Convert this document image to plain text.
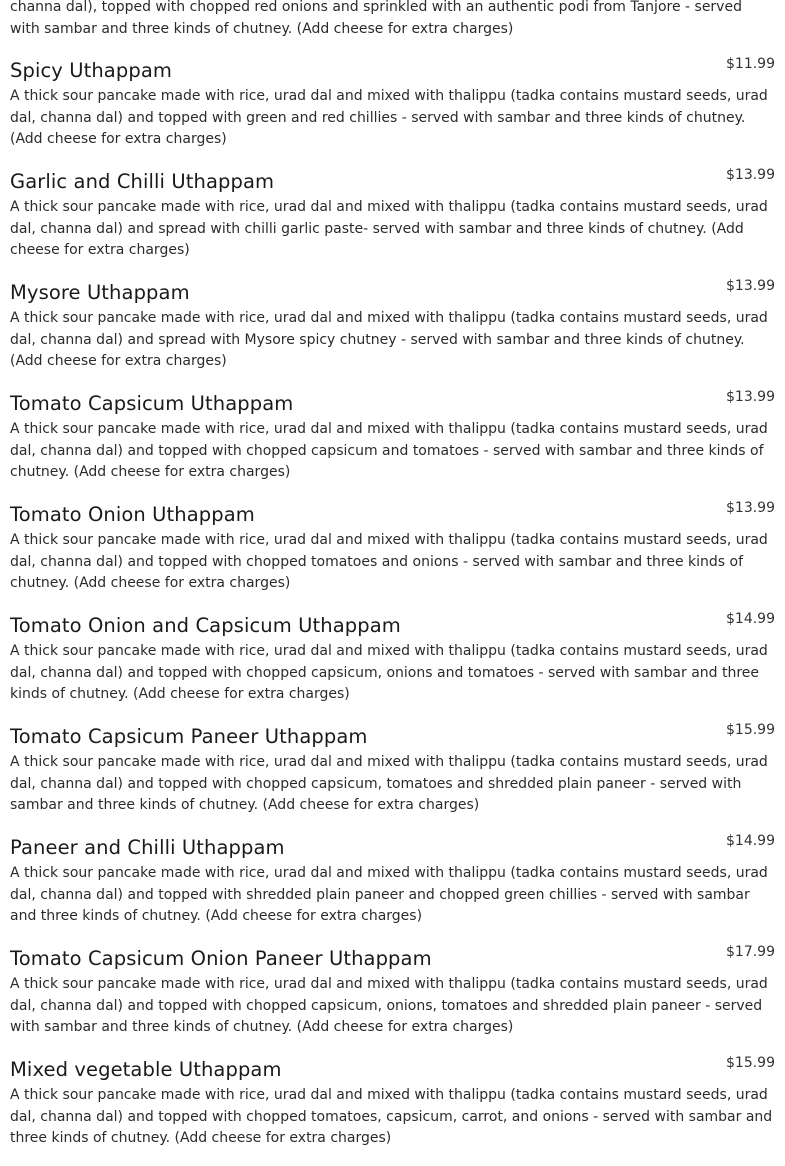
channa dal), topped with chopped red onions and sprinkled with an authentic podi from Tanjore - served with sambar and three kinds of chutney. (Add cheese for extra charges)

Spicy Uthappam	$11.99

A thick sour pancake made with rice, urad dal and mixed with thalippu (tadka contains mustard seeds, urad dal, channa dal) and topped with green and red chillies - served with sambar and three kinds of chutney. (Add cheese for extra charges)

Garlic and Chilli Uthappam	$13.99

A thick sour pancake made with rice, urad dal and mixed with thalippu (tadka contains mustard seeds, urad dal, channa dal) and spread with chilli garlic paste- served with sambar and three kinds of chutney. (Add cheese for extra charges)

Mysore Uthappam	$13.99

A thick sour pancake made with rice, urad dal and mixed with thalippu (tadka contains mustard seeds, urad dal, channa dal) and spread with Mysore spicy chutney - served with sambar and three kinds of chutney. (Add cheese for extra charges)

Tomato Capsicum Uthappam	$13.99

A thick sour pancake made with rice, urad dal and mixed with thalippu (tadka contains mustard seeds, urad dal, channa dal) and topped with chopped capsicum and tomatoes - served with sambar and three kinds of chutney. (Add cheese for extra charges)

Tomato Onion Uthappam	$13.99

A thick sour pancake made with rice, urad dal and mixed with thalippu (tadka contains mustard seeds, urad dal, channa dal) and topped with chopped tomatoes and onions - served with sambar and three kinds of chutney. (Add cheese for extra charges)

Tomato Onion and Capsicum Uthappam	$14.99

A thick sour pancake made with rice, urad dal and mixed with thalippu (tadka contains mustard seeds, urad dal, channa dal) and topped with chopped capsicum, onions and tomatoes - served with sambar and three kinds of chutney. (Add cheese for extra charges)

Tomato Capsicum Paneer Uthappam	$15.99

A thick sour pancake made with rice, urad dal and mixed with thalippu (tadka contains mustard seeds, urad dal, channa dal) and topped with chopped capsicum, tomatoes and shredded plain paneer - served with sambar and three kinds of chutney. (Add cheese for extra charges)

Paneer and Chilli Uthappam	$14.99

A thick sour pancake made with rice, urad dal and mixed with thalippu (tadka contains mustard seeds, urad dal, channa dal) and topped with shredded plain paneer and chopped green chillies - served with sambar and three kinds of chutney. (Add cheese for extra charges)

Tomato Capsicum Onion Paneer Uthappam	$17.99

A thick sour pancake made with rice, urad dal and mixed with thalippu (tadka contains mustard seeds, urad dal, channa dal) and topped with chopped capsicum, onions, tomatoes and shredded plain paneer - served with sambar and three kinds of chutney. (Add cheese for extra charges)

Mixed vegetable Uthappam	$15.99

A thick sour pancake made with rice, urad dal and mixed with thalippu (tadka contains mustard seeds, urad dal, channa dal) and topped with chopped tomatoes, capsicum, carrot, and onions - served with sambar and three kinds of chutney. (Add cheese for extra charges)
